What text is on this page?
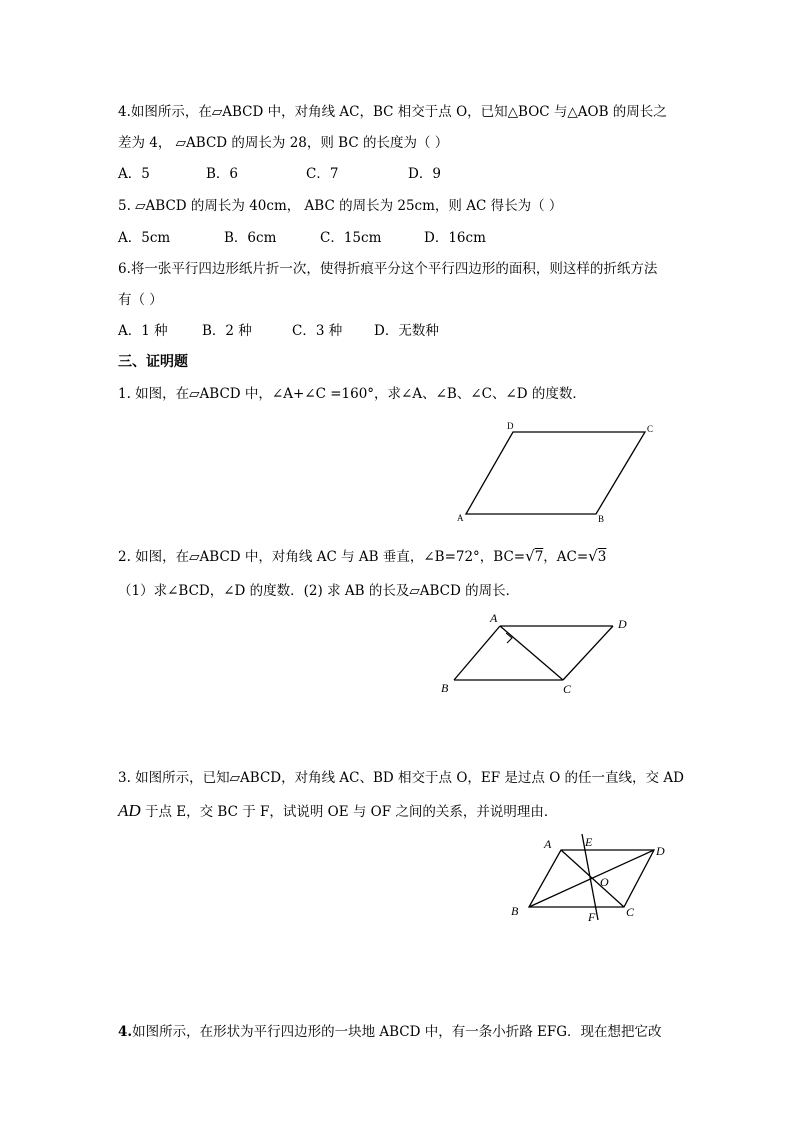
4.如图所示，在▱ABCD 中，对角线 AC，BC 相交于点 O，已知△BOC 与△AOB 的周长之
差为 4， ▱ABCD 的周长为 28，则 BC 的长度为（ ）
A．5	B．6	C．7	D．9
5. ▱ABCD 的周长为 40cm， ABC 的周长为 25cm，则 AC 得长为（ ）
A．5cm	B．6cm	C．15cm	D．16cm
6.将一张平行四边形纸片折一次，使得折痕平分这个平行四边形的面积，则这样的折纸方法
有（ ）
A．1 种	B．2 种	C．3 种 D．无数种
三、证明题
1. 如图，在▱ABCD 中，∠A+∠C =160°，求∠A、∠B、∠C、∠D 的度数．
A	B
C
D
2. 如图，在▱ABCD 中，对角线 AC 与 AB 垂直，∠B=72°，BC=√7，AC=√3
（1）求∠BCD，∠D 的度数．(2) 求 AB 的长及▱ABCD 的周长．
A
B	C
D
3. 如图所示，已知▱ABCD，对角线 AC、BD 相交于点 O，EF 是过点 O 的任一直线，交 AD
AD 于点 E，交 BC 于 F，试说明 OE 与 OF 之间的关系，并说明理由．
A
B	C
D
E
F
O
4.如图所示，在形状为平行四边形的一块地 ABCD 中，有一条小折路 EFG．现在想把它改
